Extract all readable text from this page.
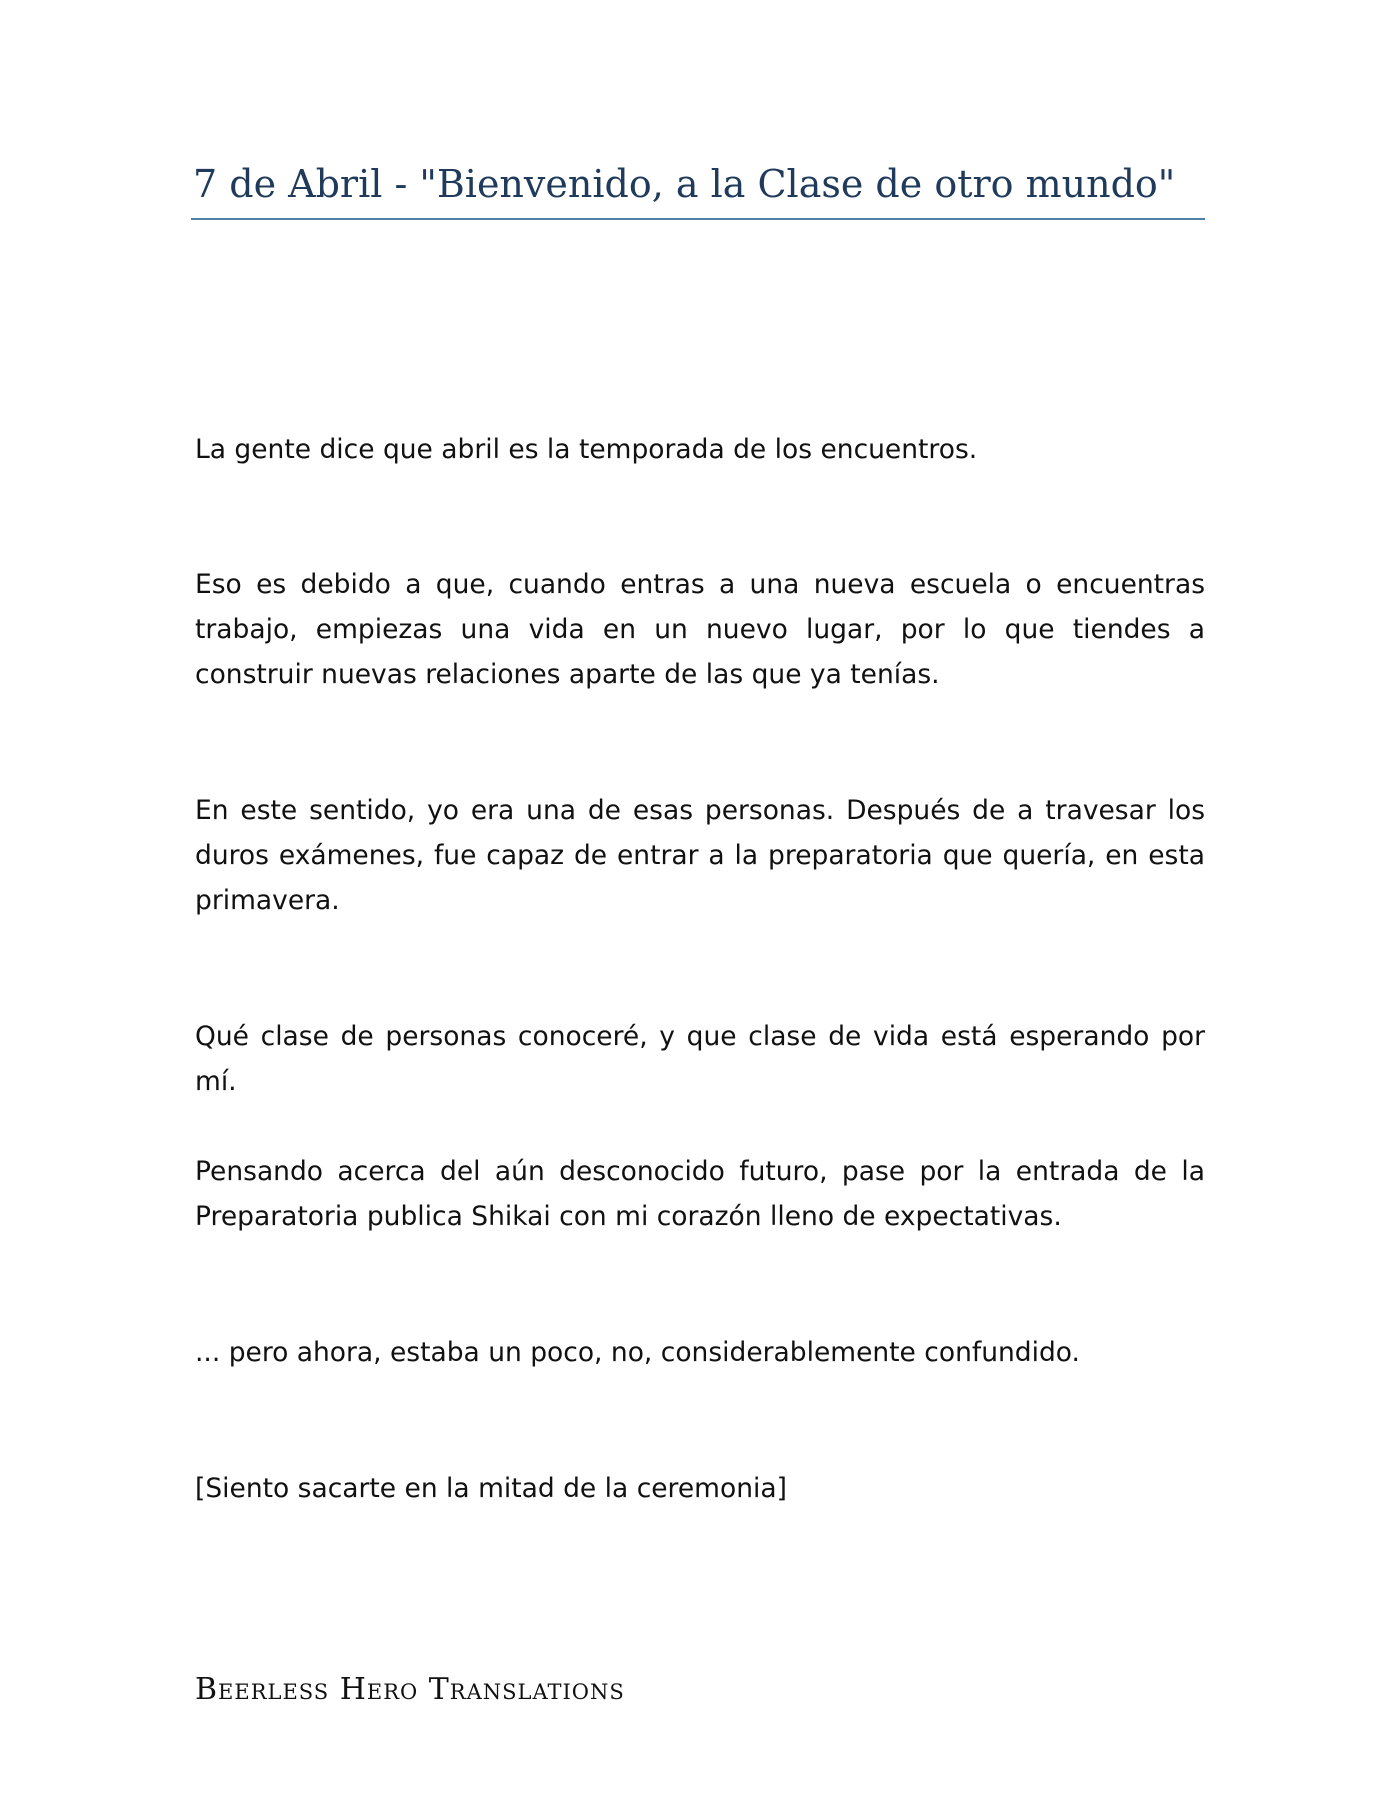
7 de Abril - "Bienvenido, a la Clase de otro mundo"

La gente dice que abril es la temporada de los encuentros.

Eso es debido a que, cuando entras a una nueva escuela o encuentras trabajo, empiezas una vida en un nuevo lugar, por lo que tiendes a construir nuevas relaciones aparte de las que ya tenías.

En este sentido, yo era una de esas personas. Después de a travesar los duros exámenes, fue capaz de entrar a la preparatoria que quería, en esta primavera.

Qué clase de personas conoceré, y que clase de vida está esperando por mí.

Pensando acerca del aún desconocido futuro, pase por la entrada de la Preparatoria publica Shikai con mi corazón lleno de expectativas.

... pero ahora, estaba un poco, no, considerablemente confundido.

[Siento sacarte en la mitad de la ceremonia]

Beerless Hero Translations
